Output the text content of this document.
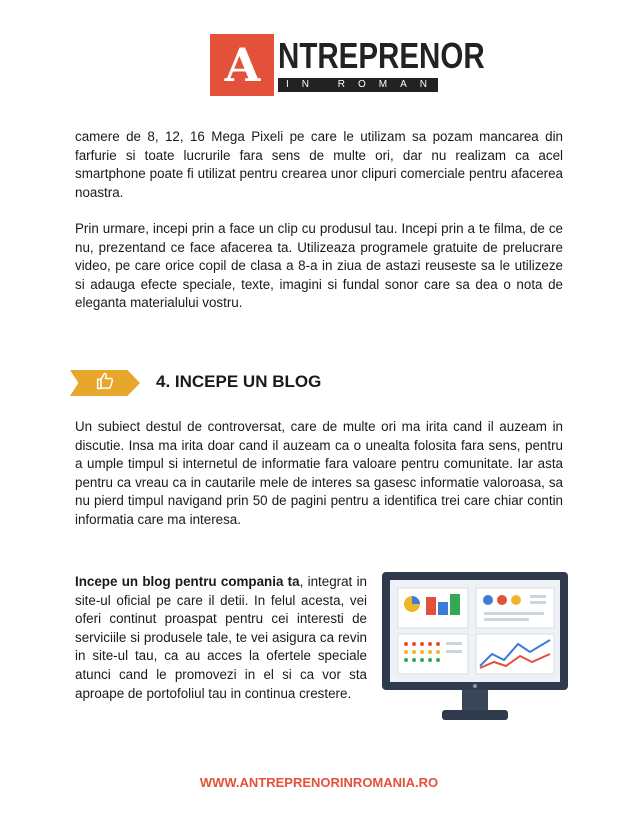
A NTREPRENOR
IN ROMANIA

camere de 8, 12, 16 Mega Pixeli pe care le utilizam sa pozam mancarea din farfurie si toate lucrurile fara sens de multe ori, dar nu realizam ca acel smartphone poate fi utilizat pentru crearea unor clipuri comerciale pentru afacerea noastra.

Prin urmare, incepi prin a face un clip cu produsul tau. Incepi prin a te filma, de ce nu, prezentand ce face afacerea ta. Utilizeaza programele gratuite de prelucrare video, pe care orice copil de clasa a 8-a in ziua de astazi reuseste sa le utilizeze si adauga efecte speciale, texte, imagini si fundal sonor care sa dea o nota de eleganta materialului vostru.

4. INCEPE UN BLOG

Un subiect destul de controversat, care de multe ori ma irita cand il auzeam in discutie. Insa ma irita doar cand il auzeam ca o unealta folosita fara sens, pentru a umple timpul si internetul de informatie fara valoare pentru comunitate. Iar asta pentru ca vreau ca in cautarile mele de interes sa gasesc informatie valoroasa, sa nu pierd timpul navigand prin 50 de pagini pentru a identifica trei care chiar contin informatia care ma interesa.

Incepe un blog pentru compania ta, integrat in site-ul oficial pe care il detii. In felul acesta, vei oferi continut proaspat pentru cei interesti de serviciile si produsele tale, te vei asigura ca revin in site-ul tau, ca au acces la ofertele speciale atunci cand le promovezi in el si ca vor sta aproape de portofoliul tau in continua crestere.

WWW.ANTREPRENORINROMANIA.RO
